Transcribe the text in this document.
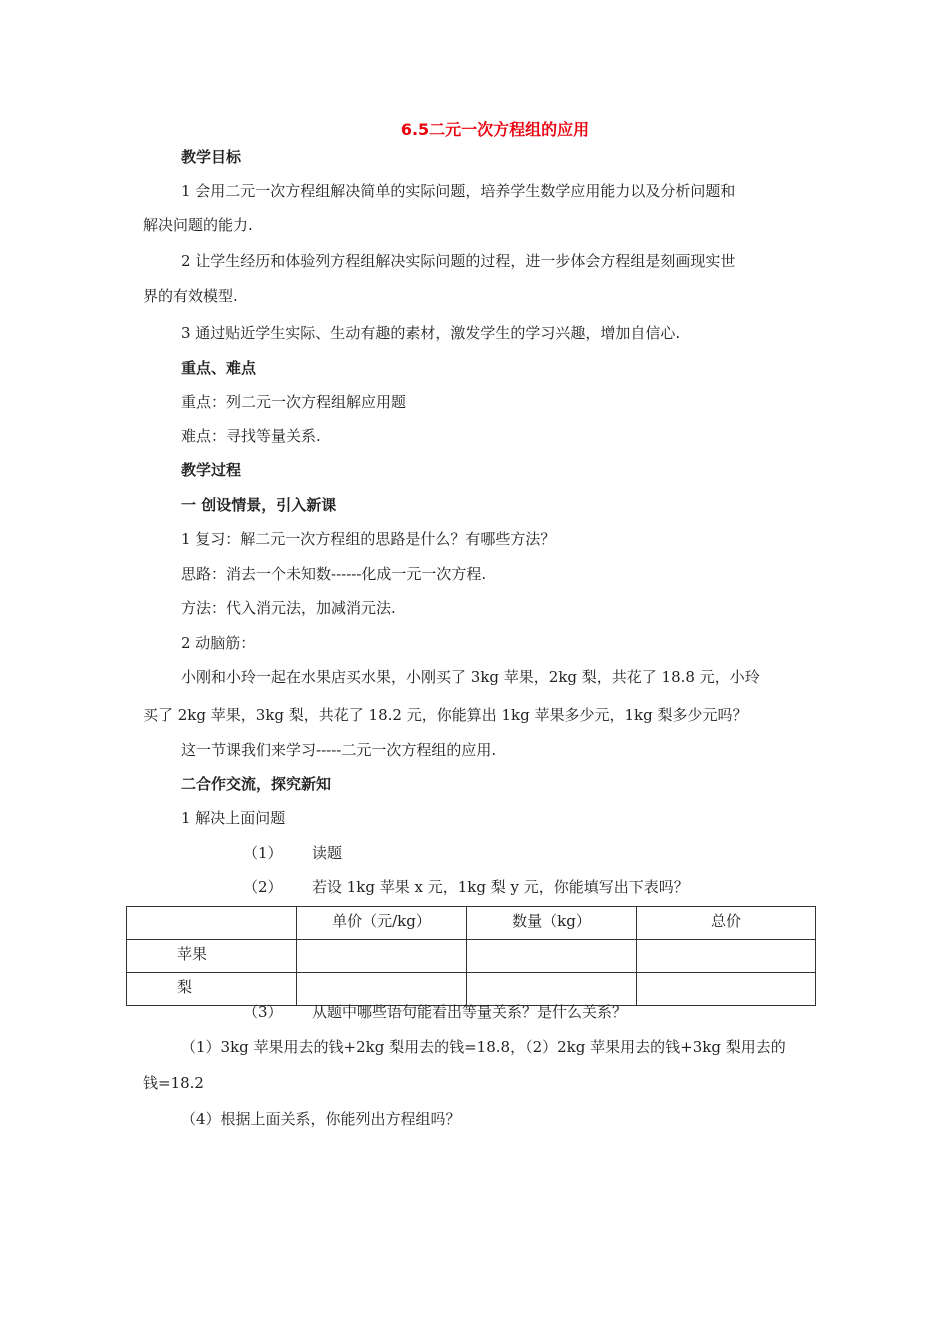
6.5二元一次方程组的应用
教学目标
1 会用二元一次方程组解决简单的实际问题，培养学生数学应用能力以及分析问题和
解决问题的能力.
2 让学生经历和体验列方程组解决实际问题的过程，进一步体会方程组是刻画现实世
界的有效模型.
3 通过贴近学生实际、生动有趣的素材，激发学生的学习兴趣，增加自信心.
重点、难点
重点：列二元一次方程组解应用题
难点：寻找等量关系.
教学过程
一 创设情景，引入新课
1 复习：解二元一次方程组的思路是什么？有哪些方法？
思路：消去一个未知数------化成一元一次方程.
方法：代入消元法，加减消元法.
2 动脑筋：
小刚和小玲一起在水果店买水果，小刚买了 3kg 苹果，2kg 梨，共花了 18.8 元，小玲
买了 2kg 苹果，3kg 梨，共花了 18.2 元，你能算出 1kg 苹果多少元，1kg 梨多少元吗？
这一节课我们来学习-----二元一次方程组的应用.
二合作交流，探究新知
1 解决上面问题
（1） 读题
（2） 若设 1kg 苹果 x 元，1kg 梨 y 元，你能填写出下表吗？
	单价（元/kg）	数量（kg）	总价
苹果			
梨			
（3） 从题中哪些语句能看出等量关系？是什么关系？
（1）3kg 苹果用去的钱+2kg 梨用去的钱=18.8，（2）2kg 苹果用去的钱+3kg 梨用去的
钱=18.2
（4）根据上面关系，你能列出方程组吗？
